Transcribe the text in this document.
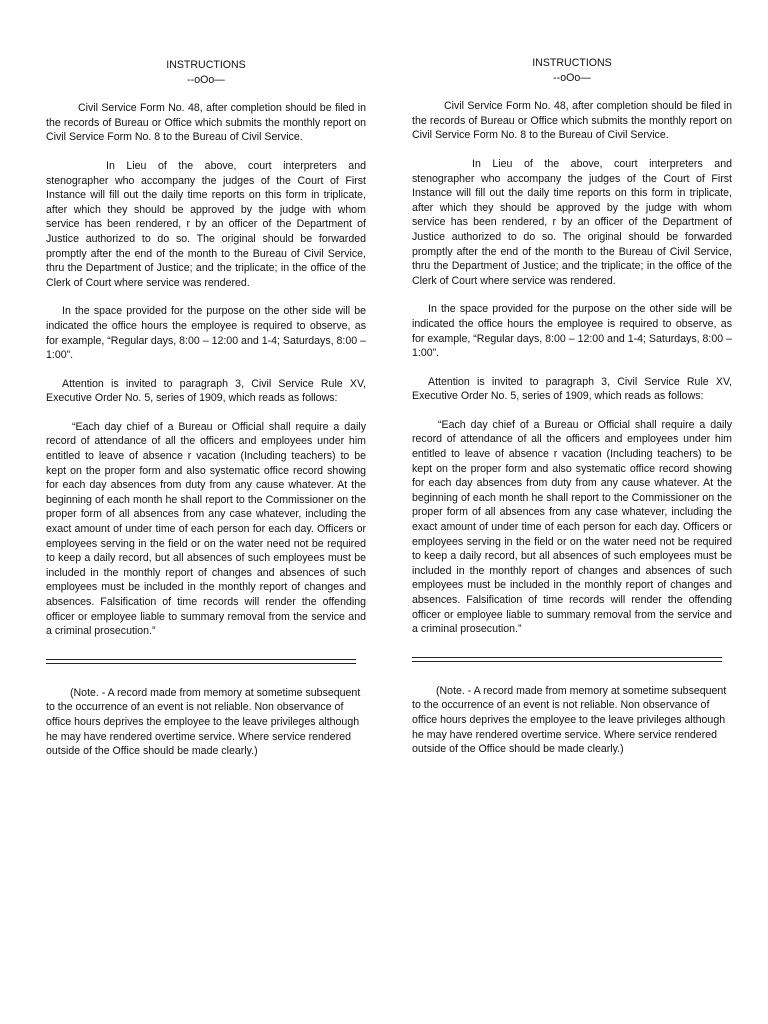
INSTRUCTIONS

--oOo—

Civil Service Form No. 48, after completion should be filed in the records of Bureau or Office which submits the monthly report on Civil Service Form No. 8 to the Bureau of Civil Service.

In Lieu of the above, court interpreters and stenographer who accompany the judges of the Court of First Instance will fill out the daily time reports on this form in triplicate, after which they should be approved by the judge with whom service has been rendered, r by an officer of the Department of Justice authorized to do so. The original should be forwarded promptly after the end of the month to the Bureau of Civil Service, thru the Department of Justice; and the triplicate; in the office of the Clerk of Court where service was rendered.

In the space provided for the purpose on the other side will be indicated the office hours the employee is required to observe, as for example, “Regular days, 8:00 – 12:00 and 1-4; Saturdays, 8:00 – 1:00”.

Attention is invited to paragraph 3, Civil Service Rule XV, Executive Order No. 5, series of 1909, which reads as follows:

“Each day chief of a Bureau or Official shall require a daily record of attendance of all the officers and employees under him entitled to leave of absence r vacation (Including teachers) to be kept on the proper form and also systematic office record showing for each day absences from duty from any cause whatever. At the beginning of each month he shall report to the Commissioner on the proper form of all absences from any case whatever, including the exact amount of under time of each person for each day. Officers or employees serving in the field or on the water need not be required to keep a daily record, but all absences of such employees must be included in the monthly report of changes and absences of such employees must be included in the monthly report of changes and absences. Falsification of time records will render the offending officer or employee liable to summary removal from the service and a criminal prosecution.”

(Note. - A record made from memory at sometime subsequent to the occurrence of an event is not reliable. Non observance of office hours deprives the employee to the leave privileges although he may have rendered overtime service. Where service rendered outside of the Office should be made clearly.)

INSTRUCTIONS

--oOo—

Civil Service Form No. 48, after completion should be filed in the records of Bureau or Office which submits the monthly report on Civil Service Form No. 8 to the Bureau of Civil Service.

In Lieu of the above, court interpreters and stenographer who accompany the judges of the Court of First Instance will fill out the daily time reports on this form in triplicate, after which they should be approved by the judge with whom service has been rendered, r by an officer of the Department of Justice authorized to do so. The original should be forwarded promptly after the end of the month to the Bureau of Civil Service, thru the Department of Justice; and the triplicate; in the office of the Clerk of Court where service was rendered.

In the space provided for the purpose on the other side will be indicated the office hours the employee is required to observe, as for example, “Regular days, 8:00 – 12:00 and 1-4; Saturdays, 8:00 – 1:00”.

Attention is invited to paragraph 3, Civil Service Rule XV, Executive Order No. 5, series of 1909, which reads as follows:

“Each day chief of a Bureau or Official shall require a daily record of attendance of all the officers and employees under him entitled to leave of absence r vacation (Including teachers) to be kept on the proper form and also systematic office record showing for each day absences from duty from any cause whatever. At the beginning of each month he shall report to the Commissioner on the proper form of all absences from any case whatever, including the exact amount of under time of each person for each day. Officers or employees serving in the field or on the water need not be required to keep a daily record, but all absences of such employees must be included in the monthly report of changes and absences of such employees must be included in the monthly report of changes and absences. Falsification of time records will render the offending officer or employee liable to summary removal from the service and a criminal prosecution.”

(Note. - A record made from memory at sometime subsequent to the occurrence of an event is not reliable. Non observance of office hours deprives the employee to the leave privileges although he may have rendered overtime service. Where service rendered outside of the Office should be made clearly.)
